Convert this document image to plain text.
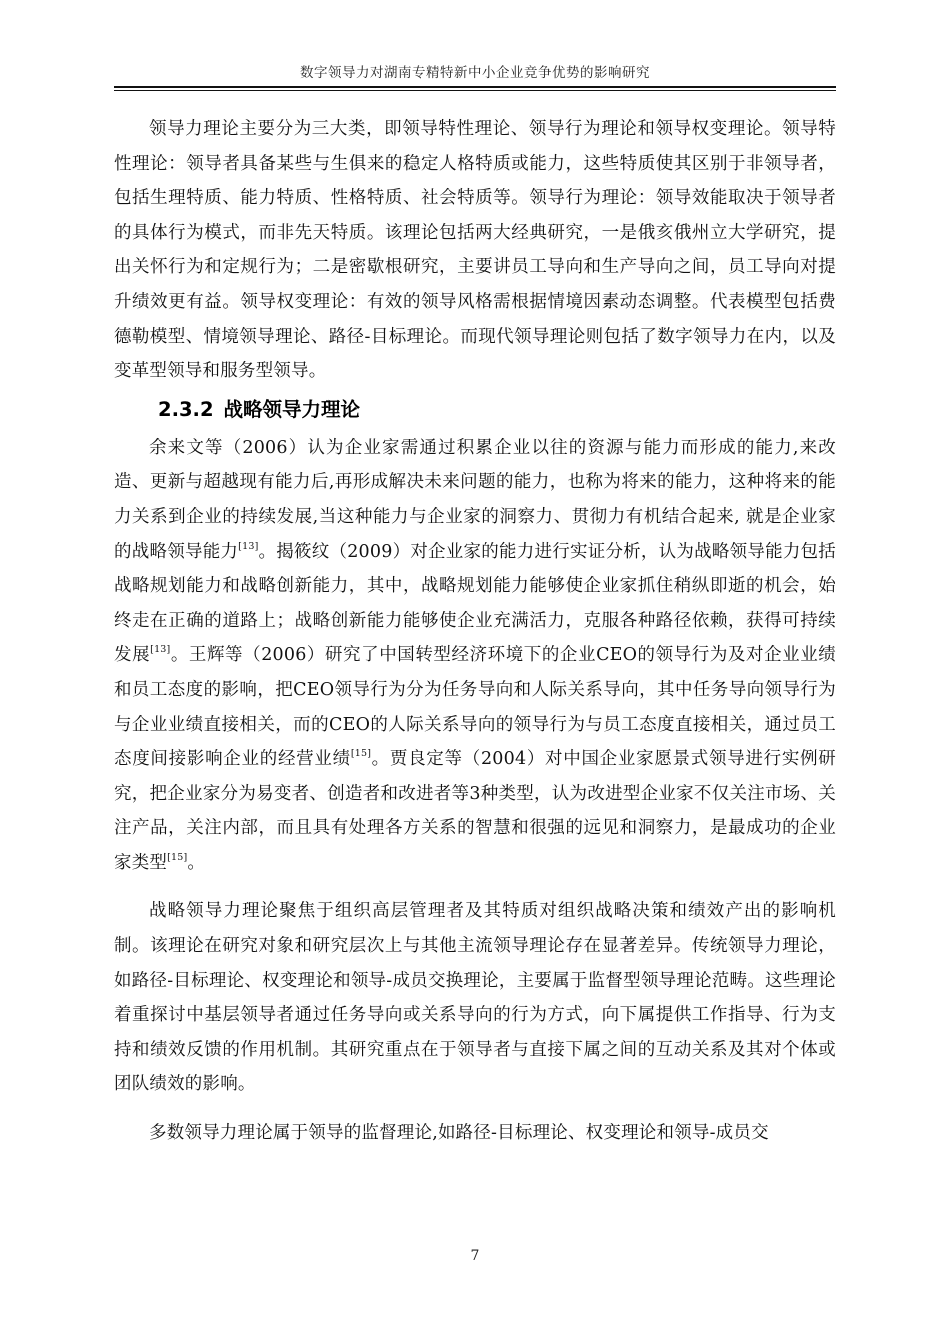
数字领导力对湖南专精特新中小企业竞争优势的影响研究

领导力理论主要分为三大类，即领导特性理论、领导行为理论和领导权变理论。领导特性理论：领导者具备某些与生俱来的稳定人格特质或能力，这些特质使其区别于非领导者，包括生理特质、能力特质、性格特质、社会特质等。领导行为理论：领导效能取决于领导者的具体行为模式，而非先天特质。该理论包括两大经典研究，一是俄亥俄州立大学研究，提出关怀行为和定规行为；二是密歇根研究，主要讲员工导向和生产导向之间，员工导向对提升绩效更有益。领导权变理论：有效的领导风格需根据情境因素动态调整。代表模型包括费德勒模型、情境领导理论、路径-目标理论。而现代领导理论则包括了数字领导力在内，以及变革型领导和服务型领导。

2.3.2 战略领导力理论

余来文等（2006）认为企业家需通过积累企业以往的资源与能力而形成的能力,来改造、更新与超越现有能力后,再形成解决未来问题的能力，也称为将来的能力，这种将来的能力关系到企业的持续发展,当这种能力与企业家的洞察力、贯彻力有机结合起来, 就是企业家的战略领导能力[13]。揭筱纹（2009）对企业家的能力进行实证分析，认为战略领导能力包括战略规划能力和战略创新能力，其中，战略规划能力能够使企业家抓住稍纵即逝的机会，始终走在正确的道路上；战略创新能力能够使企业充满活力，克服各种路径依赖，获得可持续发展[13]。王辉等（2006）研究了中国转型经济环境下的企业CEO的领导行为及对企业业绩和员工态度的影响，把CEO领导行为分为任务导向和人际关系导向，其中任务导向领导行为与企业业绩直接相关，而的CEO的人际关系导向的领导行为与员工态度直接相关，通过员工态度间接影响企业的经营业绩[15]。贾良定等（2004）对中国企业家愿景式领导进行实例研究，把企业家分为易变者、创造者和改进者等3种类型，认为改进型企业家不仅关注市场、关注产品，关注内部，而且具有处理各方关系的智慧和很强的远见和洞察力，是最成功的企业家类型[15]。

战略领导力理论聚焦于组织高层管理者及其特质对组织战略决策和绩效产出的影响机制。该理论在研究对象和研究层次上与其他主流领导理论存在显著差异。传统领导力理论，如路径-目标理论、权变理论和领导-成员交换理论，主要属于监督型领导理论范畴。这些理论着重探讨中基层领导者通过任务导向或关系导向的行为方式，向下属提供工作指导、行为支持和绩效反馈的作用机制。其研究重点在于领导者与直接下属之间的互动关系及其对个体或团队绩效的影响。

多数领导力理论属于领导的监督理论,如路径-目标理论、权变理论和领导-成员交

7
